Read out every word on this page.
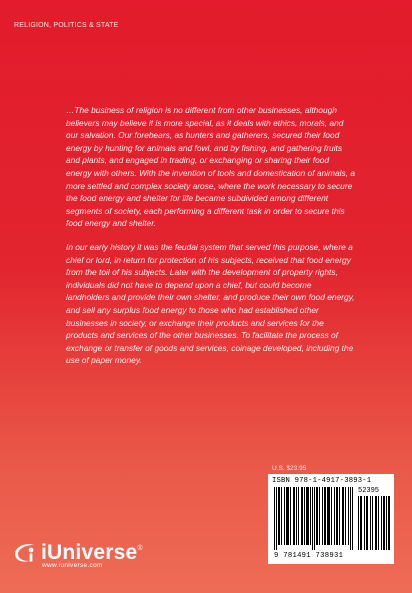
RELIGION, POLITICS & STATE

…The business of religion is no different from other businesses, although believers may believe it is more special, as it deals with ethics, morals, and our salvation. Our forebears, as hunters and gatherers, secured their food energy by hunting for animals and fowl, and by fishing, and gathering fruits and plants, and engaged in trading, or exchanging or sharing their food energy with others. With the invention of tools and domestication of animals, a more settled and complex society arose, where the work necessary to secure the food energy and shelter for life became subdivided among different segments of society, each performing a different task in order to secure this food energy and shelter.

In our early history it was the feudal system that served this purpose, where a chief or lord, in return for protection of his subjects, received that food energy from the toil of his subjects. Later with the development of property rights, individuals did not have to depend upon a chief, but could become landholders and provide their own shelter, and produce their own food energy, and sell any surplus food energy to those who had established other businesses in society, or exchange their products and services for the products and services of the other businesses. To facilitate the process of exchange or transfer of goods and services, coinage developed, including the use of paper money.

U.S. $23.95
ISBN 978-1-4917-3893-1
52395
9 781491 738931
iUniverse®
www.iuniverse.com
